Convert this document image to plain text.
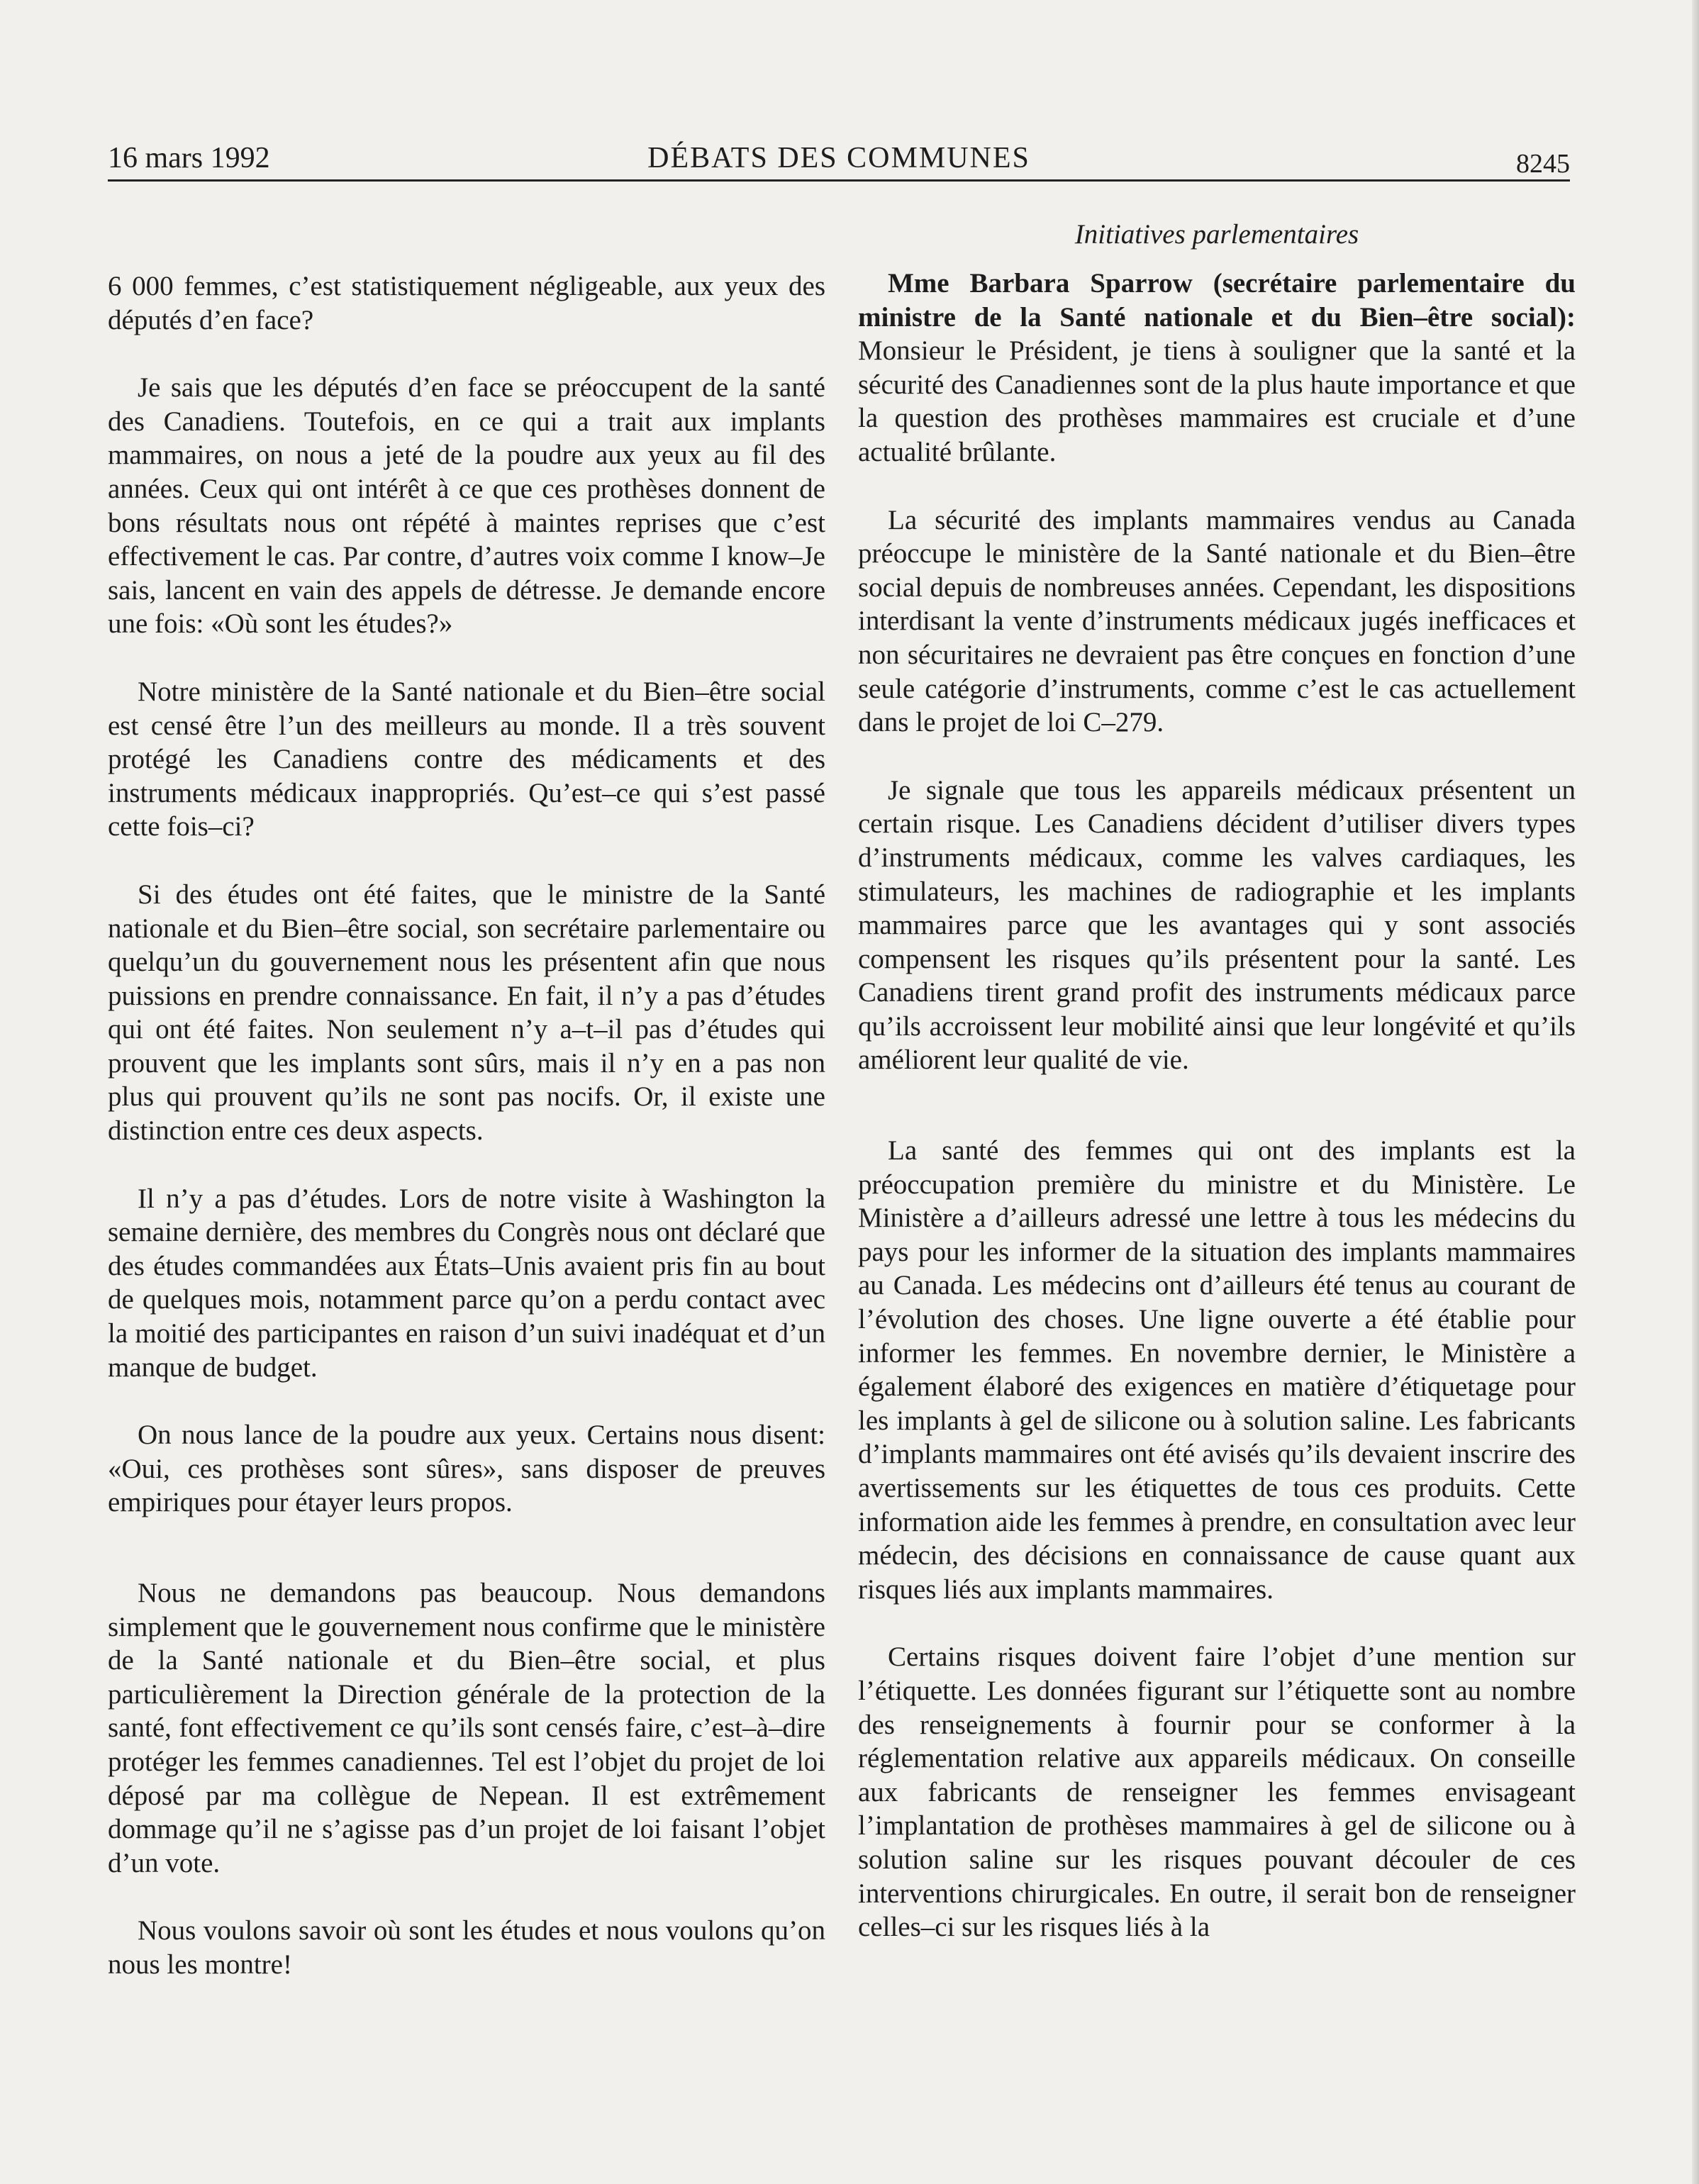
16 mars 1992	DÉBATS DES COMMUNES	8245

6 000 femmes, c’est statistiquement négligeable, aux yeux des députés d’en face?

Je sais que les députés d’en face se préoccupent de la santé des Canadiens. Toutefois, en ce qui a trait aux implants mammaires, on nous a jeté de la poudre aux yeux au fil des années. Ceux qui ont intérêt à ce que ces prothèses donnent de bons résultats nous ont répété à maintes reprises que c’est effectivement le cas. Par contre, d’autres voix comme I know–Je sais, lancent en vain des appels de détresse. Je demande encore une fois: «Où sont les études?»

Notre ministère de la Santé nationale et du Bien–être social est censé être l’un des meilleurs au monde. Il a très souvent protégé les Canadiens contre des médicaments et des instruments médicaux inappropriés. Qu’est–ce qui s’est passé cette fois–ci?

Si des études ont été faites, que le ministre de la Santé nationale et du Bien–être social, son secrétaire parlementaire ou quelqu’un du gouvernement nous les présentent afin que nous puissions en prendre connaissance. En fait, il n’y a pas d’études qui ont été faites. Non seulement n’y a–t–il pas d’études qui prouvent que les implants sont sûrs, mais il n’y en a pas non plus qui prouvent qu’ils ne sont pas nocifs. Or, il existe une distinction entre ces deux aspects.

Il n’y a pas d’études. Lors de notre visite à Washington la semaine dernière, des membres du Congrès nous ont déclaré que des études commandées aux États–Unis avaient pris fin au bout de quelques mois, notamment parce qu’on a perdu contact avec la moitié des participantes en raison d’un suivi inadéquat et d’un manque de budget.

On nous lance de la poudre aux yeux. Certains nous disent: «Oui, ces prothèses sont sûres», sans disposer de preuves empiriques pour étayer leurs propos.

Nous ne demandons pas beaucoup. Nous demandons simplement que le gouvernement nous confirme que le ministère de la Santé nationale et du Bien–être social, et plus particulièrement la Direction générale de la protection de la santé, font effectivement ce qu’ils sont censés faire, c’est–à–dire protéger les femmes canadiennes. Tel est l’objet du projet de loi déposé par ma collègue de Nepean. Il est extrêmement dommage qu’il ne s’agisse pas d’un projet de loi faisant l’objet d’un vote.

Nous voulons savoir où sont les études et nous voulons qu’on nous les montre!

Initiatives parlementaires

Mme Barbara Sparrow (secrétaire parlementaire du ministre de la Santé nationale et du Bien–être social): Monsieur le Président, je tiens à souligner que la santé et la sécurité des Canadiennes sont de la plus haute importance et que la question des prothèses mammaires est cruciale et d’une actualité brûlante.

La sécurité des implants mammaires vendus au Canada préoccupe le ministère de la Santé nationale et du Bien–être social depuis de nombreuses années. Cependant, les dispositions interdisant la vente d’instruments médicaux jugés inefficaces et non sécuritaires ne devraient pas être conçues en fonction d’une seule catégorie d’instruments, comme c’est le cas actuellement dans le projet de loi C–279.

Je signale que tous les appareils médicaux présentent un certain risque. Les Canadiens décident d’utiliser divers types d’instruments médicaux, comme les valves cardiaques, les stimulateurs, les machines de radiographie et les implants mammaires parce que les avantages qui y sont associés compensent les risques qu’ils présentent pour la santé. Les Canadiens tirent grand profit des instruments médicaux parce qu’ils accroissent leur mobilité ainsi que leur longévité et qu’ils améliorent leur qualité de vie.

La santé des femmes qui ont des implants est la préoccupation première du ministre et du Ministère. Le Ministère a d’ailleurs adressé une lettre à tous les médecins du pays pour les informer de la situation des implants mammaires au Canada. Les médecins ont d’ailleurs été tenus au courant de l’évolution des choses. Une ligne ouverte a été établie pour informer les femmes. En novembre dernier, le Ministère a également élaboré des exigences en matière d’étiquetage pour les implants à gel de silicone ou à solution saline. Les fabricants d’implants mammaires ont été avisés qu’ils devaient inscrire des avertissements sur les étiquettes de tous ces produits. Cette information aide les femmes à prendre, en consultation avec leur médecin, des décisions en connaissance de cause quant aux risques liés aux implants mammaires.

Certains risques doivent faire l’objet d’une mention sur l’étiquette. Les données figurant sur l’étiquette sont au nombre des renseignements à fournir pour se conformer à la réglementation relative aux appareils médicaux. On conseille aux fabricants de renseigner les femmes envisageant l’implantation de prothèses mammaires à gel de silicone ou à solution saline sur les risques pouvant découler de ces interventions chirurgicales. En outre, il serait bon de renseigner celles–ci sur les risques liés à la
